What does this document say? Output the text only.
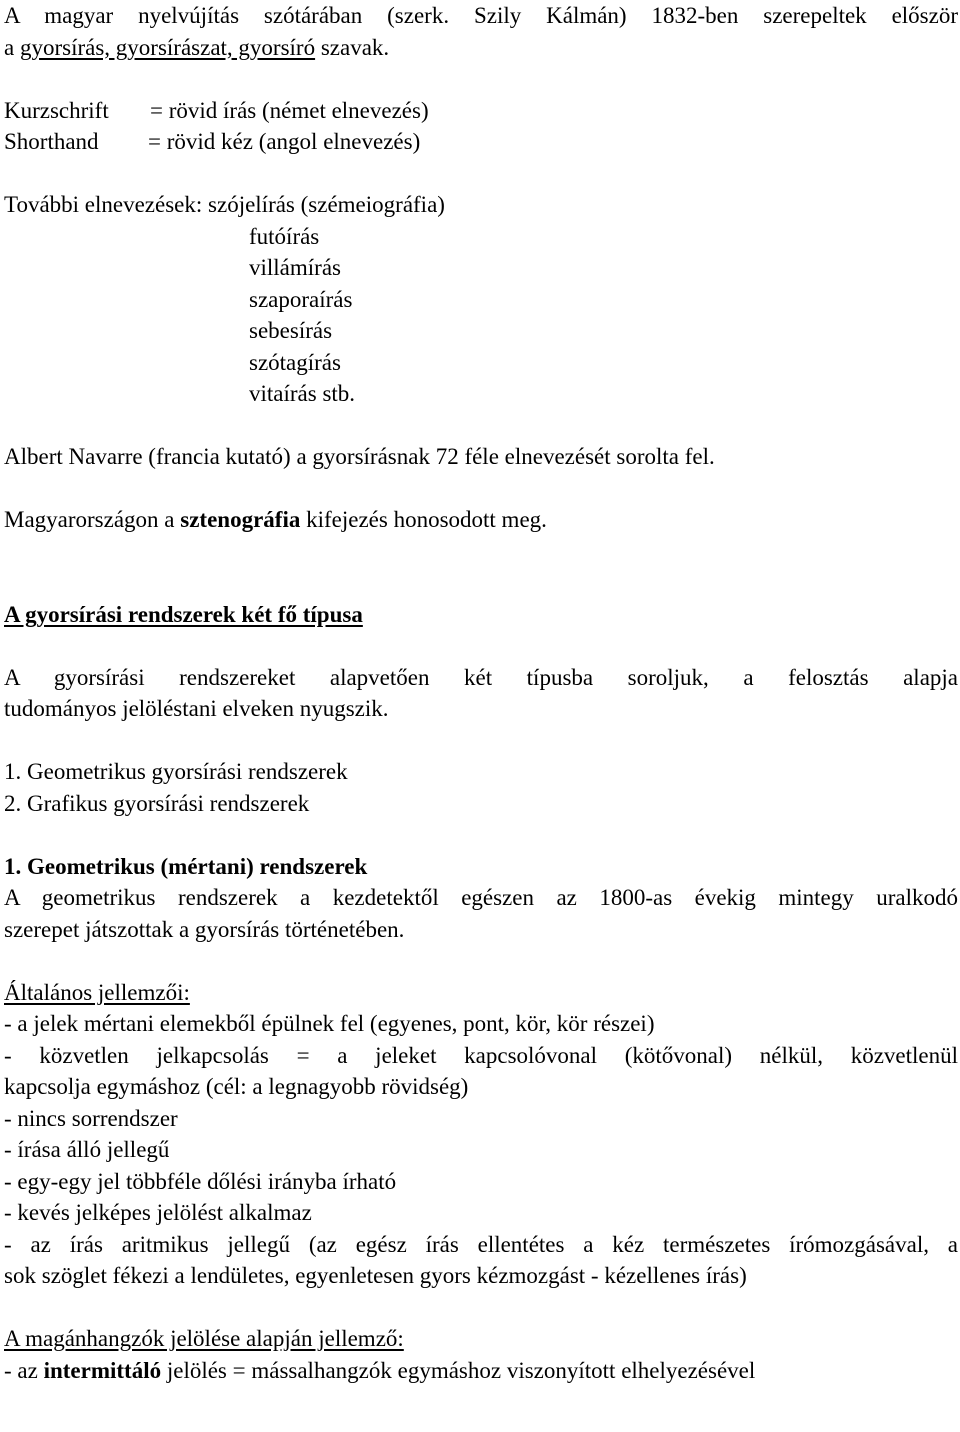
A magyar nyelvújítás szótárában (szerk. Szily Kálmán) 1832-ben szerepeltek először

a gyorsírás, gyorsírászat, gyorsíró szavak.

Kurzschrift	= rövid írás (német elnevezés)
Shorthand	= rövid kéz (angol elnevezés)

További elnevezések: szójelírás (szémeiográfia)

futóírás

villámírás

szaporaírás

sebesírás

szótagírás

vitaírás stb.

Albert Navarre (francia kutató) a gyorsírásnak 72 féle elnevezését sorolta fel.

Magyarországon a sztenográfia kifejezés honosodott meg.

A gyorsírási rendszerek két fő típusa

A gyorsírási rendszereket alapvetően két típusba soroljuk, a felosztás alapja

tudományos jelöléstani elveken nyugszik.

1. Geometrikus gyorsírási rendszerek

2. Grafikus gyorsírási rendszerek

1. Geometrikus (mértani) rendszerek

A geometrikus rendszerek a kezdetektől egészen az 1800-as évekig mintegy uralkodó

szerepet játszottak a gyorsírás történetében.

Általános jellemzői:

- a jelek mértani elemekből épülnek fel (egyenes, pont, kör, kör részei)

- közvetlen jelkapcsolás = a jeleket kapcsolóvonal (kötővonal) nélkül, közvetlenül

kapcsolja egymáshoz (cél: a legnagyobb rövidség)

- nincs sorrendszer

- írása álló jellegű

- egy-egy jel többféle dőlési irányba írható

- kevés jelképes jelölést alkalmaz

- az írás aritmikus jellegű (az egész írás ellentétes a kéz természetes írómozgásával, a

sok szöglet fékezi a lendületes, egyenletesen gyors kézmozgást - kézellenes írás)

A magánhangzók jelölése alapján jellemző:

- az intermittáló jelölés = mássalhangzók egymáshoz viszonyított elhelyezésével
